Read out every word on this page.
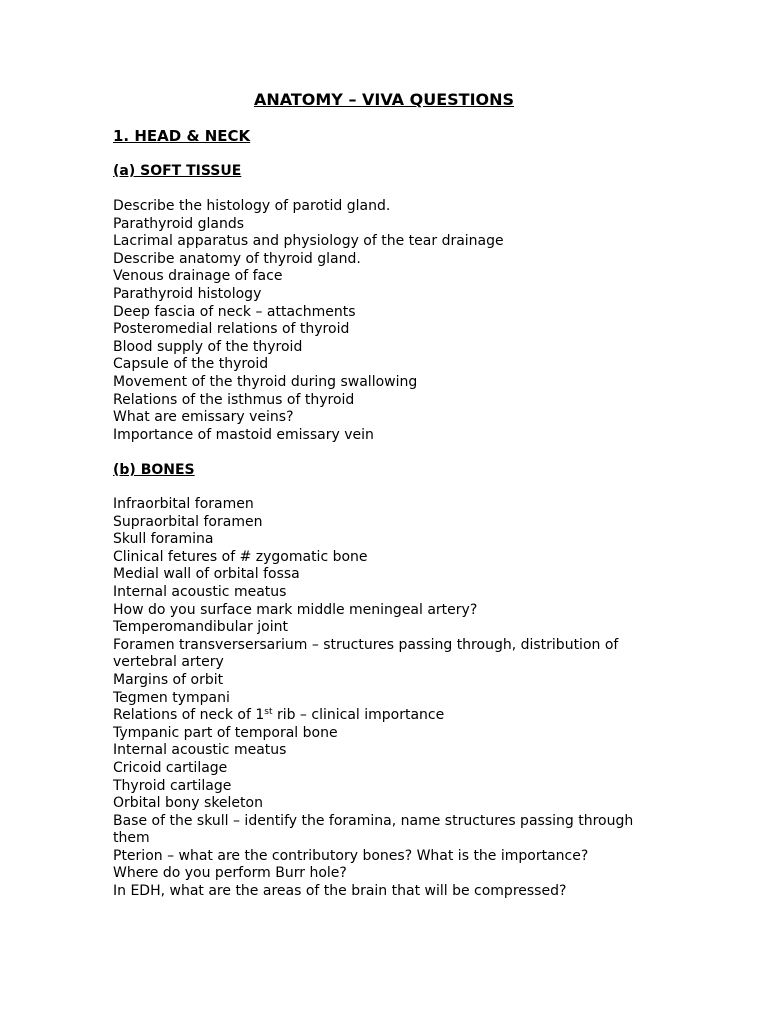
ANATOMY – VIVA QUESTIONS
1. HEAD & NECK
(a) SOFT TISSUE
Describe the histology of parotid gland.
Parathyroid glands
Lacrimal apparatus and physiology of the tear drainage
Describe anatomy of thyroid gland.
Venous drainage of face
Parathyroid histology
Deep fascia of neck – attachments
Posteromedial relations of thyroid
Blood supply of the thyroid
Capsule of the thyroid
Movement of the thyroid during swallowing
Relations of the isthmus of thyroid
What are emissary veins?
Importance of mastoid emissary vein
(b) BONES
Infraorbital foramen
Supraorbital foramen
Skull foramina
Clinical fetures of # zygomatic bone
Medial wall of orbital fossa
Internal acoustic meatus
How do you surface mark middle meningeal artery?
Temperomandibular joint
Foramen transversersarium – structures passing through, distribution of vertebral artery
Margins of orbit
Tegmen tympani
Relations of neck of 1st rib – clinical importance
Tympanic part of temporal bone
Internal acoustic meatus
Cricoid cartilage
Thyroid cartilage
Orbital bony skeleton
Base of the skull – identify the foramina, name structures passing through them
Pterion – what are the contributory bones? What is the importance?
Where do you perform Burr hole?
In EDH, what are the areas of the brain that will be compressed?
